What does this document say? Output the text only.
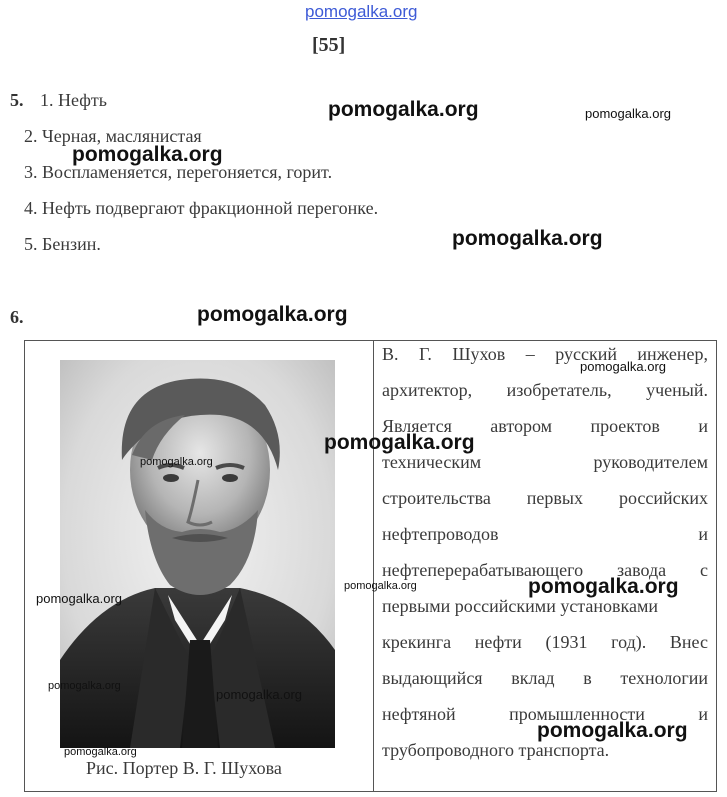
pomogalka.org
[55]
5. 1. Нефть
2. Черная, маслянистая
3. Воспламеняется, перегоняется, горит.
4. Нефть подвергают фракционной перегонке.
5. Бензин.
6.
Рис. Портер В. Г. Шухова
В. Г. Шухов – русский инженер,
архитектор, изобретатель, ученый.
Является автором проектов и
техническим	руководителем
строительства первых российских
нефтепроводов	и
нефтеперерабатывающего завода с
первыми российскими установками
крекинга нефти (1931 год). Внес
выдающийся вклад в технологии
нефтяной	промышленности	и
трубопроводного транспорта.
pomogalka.org	pomogalka.org
pomogalka.org
pomogalka.org
pomogalka.org
pomogalka.org
pomogalka.org
pomogalka.org
pomogalka.org	pomogalka.org
pomogalka.org
pomogalka.org
pomogalka.org
pomogalka.org
pomogalka.org
